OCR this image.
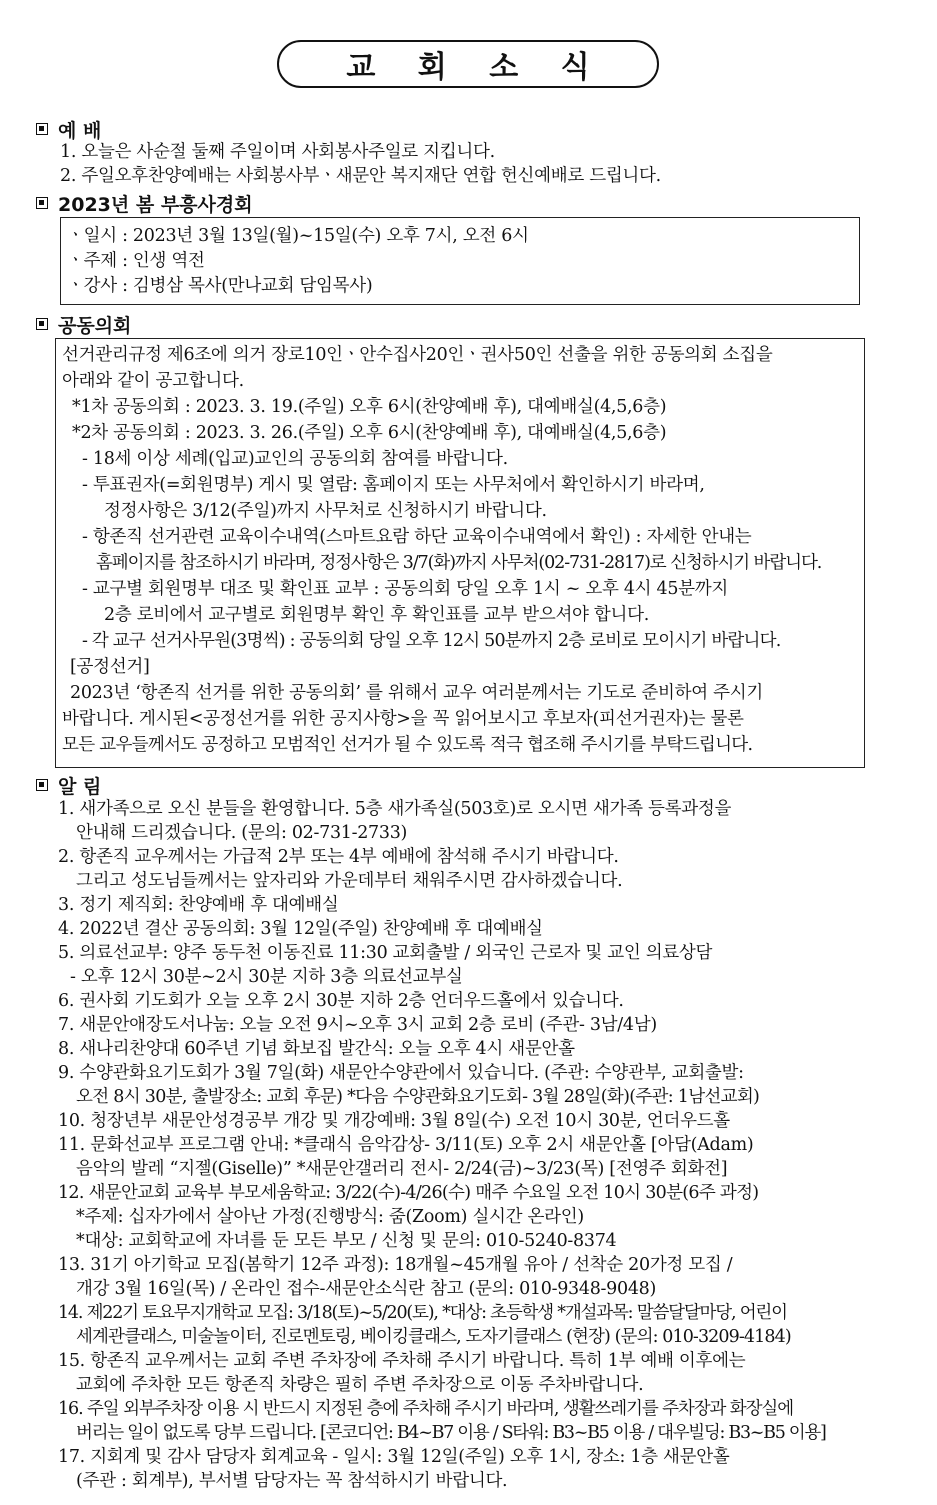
교 회 소 식
예 배
1. 오늘은 사순절 둘째 주일이며 사회봉사주일로 지킵니다.
2. 주일오후찬양예배는 사회봉사부ㆍ새문안 복지재단 연합 헌신예배로 드립니다.
2023년 봄 부흥사경회
ㆍ일시 : 2023년 3월 13일(월)~15일(수) 오후 7시, 오전 6시
ㆍ주제 : 인생 역전
ㆍ강사 : 김병삼 목사(만나교회 담임목사)
공동의회
선거관리규정 제6조에 의거 장로10인ㆍ안수집사20인ㆍ권사50인 선출을 위한 공동의회 소집을
아래와 같이 공고합니다.
*1차 공동의회 : 2023. 3. 19.(주일) 오후 6시(찬양예배 후), 대예배실(4,5,6층)
*2차 공동의회 : 2023. 3. 26.(주일) 오후 6시(찬양예배 후), 대예배실(4,5,6층)
- 18세 이상 세례(입교)교인의 공동의회 참여를 바랍니다.
- 투표권자(=회원명부) 게시 및 열람: 홈페이지 또는 사무처에서 확인하시기 바라며,
정정사항은 3/12(주일)까지 사무처로 신청하시기 바랍니다.
- 항존직 선거관련 교육이수내역(스마트요람 하단 교육이수내역에서 확인) : 자세한 안내는
홈페이지를 참조하시기 바라며, 정정사항은 3/7(화)까지 사무처(02-731-2817)로 신청하시기 바랍니다.
- 교구별 회원명부 대조 및 확인표 교부 : 공동의회 당일 오후 1시 ~ 오후 4시 45분까지
2층 로비에서 교구별로 회원명부 확인 후 확인표를 교부 받으셔야 합니다.
- 각 교구 선거사무원(3명씩) : 공동의회 당일 오후 12시 50분까지 2층 로비로 모이시기 바랍니다.
[공정선거]
2023년 ‘항존직 선거를 위한 공동의회’ 를 위해서 교우 여러분께서는 기도로 준비하여 주시기
바랍니다. 게시된<공정선거를 위한 공지사항>을 꼭 읽어보시고 후보자(피선거권자)는 물론
모든 교우들께서도 공정하고 모범적인 선거가 될 수 있도록 적극 협조해 주시기를 부탁드립니다.
알 림
1. 새가족으로 오신 분들을 환영합니다. 5층 새가족실(503호)로 오시면 새가족 등록과정을
안내해 드리겠습니다. (문의: 02-731-2733)
2. 항존직 교우께서는 가급적 2부 또는 4부 예배에 참석해 주시기 바랍니다.
그리고 성도님들께서는 앞자리와 가운데부터 채워주시면 감사하겠습니다.
3. 정기 제직회: 찬양예배 후 대예배실
4. 2022년 결산 공동의회: 3월 12일(주일) 찬양예배 후 대예배실
5. 의료선교부: 양주 동두천 이동진료 11:30 교회출발 / 외국인 근로자 및 교인 의료상담
- 오후 12시 30분~2시 30분 지하 3층 의료선교부실
6. 권사회 기도회가 오늘 오후 2시 30분 지하 2층 언더우드홀에서 있습니다.
7. 새문안애장도서나눔: 오늘 오전 9시~오후 3시 교회 2층 로비 (주관- 3남/4남)
8. 새나리찬양대 60주년 기념 화보집 발간식: 오늘 오후 4시 새문안홀
9. 수양관화요기도회가 3월 7일(화) 새문안수양관에서 있습니다. (주관: 수양관부, 교회출발:
오전 8시 30분, 출발장소: 교회 후문) *다음 수양관화요기도회- 3월 28일(화)(주관: 1남선교회)
10. 청장년부 새문안성경공부 개강 및 개강예배: 3월 8일(수) 오전 10시 30분, 언더우드홀
11. 문화선교부 프로그램 안내: *클래식 음악감상- 3/11(토) 오후 2시 새문안홀 [아담(Adam)
음악의 발레 “지젤(Giselle)” *새문안갤러리 전시- 2/24(금)~3/23(목) [전영주 회화전]
12. 새문안교회 교육부 부모세움학교: 3/22(수)-4/26(수) 매주 수요일 오전 10시 30분(6주 과정)
*주제: 십자가에서 살아난 가정(진행방식: 줌(Zoom) 실시간 온라인)
*대상: 교회학교에 자녀를 둔 모든 부모 / 신청 및 문의: 010-5240-8374
13. 31기 아기학교 모집(봄학기 12주 과정): 18개월~45개월 유아 / 선착순 20가정 모집 /
개강 3월 16일(목) / 온라인 접수-새문안소식란 참고 (문의: 010-9348-9048)
14. 제22기 토요무지개학교 모집: 3/18(토)~5/20(토), *대상: 초등학생 *개설과목: 말씀달달마당, 어린이
세계관클래스, 미술놀이터, 진로멘토링, 베이킹클래스, 도자기클래스 (현장) (문의: 010-3209-4184)
15. 항존직 교우께서는 교회 주변 주차장에 주차해 주시기 바랍니다. 특히 1부 예배 이후에는
교회에 주차한 모든 항존직 차량은 필히 주변 주차장으로 이동 주차바랍니다.
16. 주일 외부주차장 이용 시 반드시 지정된 층에 주차해 주시기 바라며, 생활쓰레기를 주차장과 화장실에
버리는 일이 없도록 당부 드립니다. [콘코디언: B4~B7 이용 / S타워: B3~B5 이용 / 대우빌딩: B3~B5 이용]
17. 지회계 및 감사 담당자 회계교육 - 일시: 3월 12일(주일) 오후 1시, 장소: 1층 새문안홀
(주관 : 회계부), 부서별 담당자는 꼭 참석하시기 바랍니다.
